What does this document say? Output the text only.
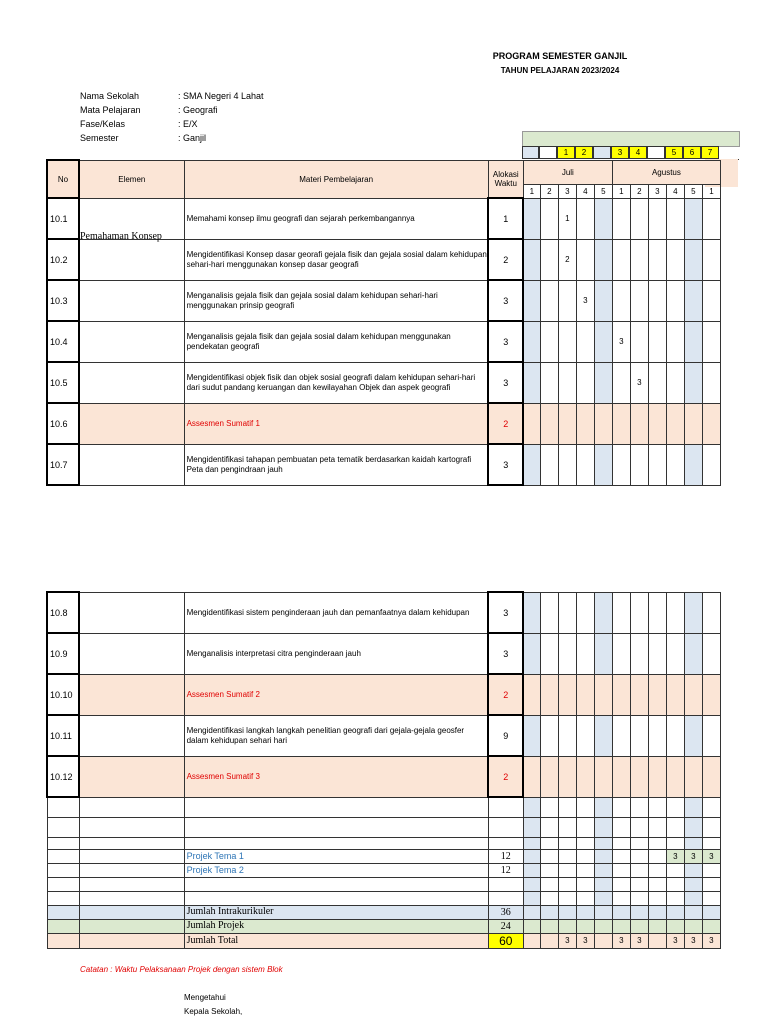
PROGRAM SEMESTER GANJIL
TAHUN PELAJARAN 2023/2024
Nama Sekolah	: SMA Negeri 4 Lahat
Mata Pelajaran	: Geografi
Fase/Kelas	: E/X
Semester	: Ganjil
1	2	3	4	5	6	7
No	Elemen	Materi Pembelajaran	Alokasi Waktu	Juli					Agustus					
				1	2	3	4	5	1	2	3	4	5	1
10.1		Memahami konsep ilmu geografi dan sejarah perkembangannya	1			1								
10.2		Mengidentifikasi Konsep dasar georafi gejala fisik dan gejala sosial dalam kehidupan sehari-hari menggunakan konsep dasar geografi	2			2								
10.3		Menganalisis gejala fisik dan gejala sosial dalam kehidupan sehari-hari menggunakan prinsip geografi	3				3							
10.4		Menganalisis gejala fisik dan gejala sosial dalam kehidupan menggunakan pendekatan geografi	3						3					
10.5		Mengidentifikasi objek fisik dan objek sosial geografi dalam kehidupan sehari-hari dari sudut pandang keruangan dan kewilayahan Objek dan aspek geografi	3							3				
10.6		Assesmen Sumatif 1	2											
10.7		Mengidentifikasi tahapan pembuatan peta tematik berdasarkan kaidah kartografi Peta dan pengindraan jauh	3											
Pemahaman Konsep
10.8		Mengidentifikasi sistem penginderaan jauh dan pemanfaatnya dalam kehidupan	3											
10.9		Menganalisis interpretasi citra penginderaan jauh	3											
10.10		Assesmen Sumatif 2	2											
10.11		Mengidentifikasi langkah langkah penelitian geografi dari gejala-gejala geosfer dalam kehidupan sehari hari	9											
10.12		Assesmen Sumatif 3	2											

		Projek Tema 1	12									3	3	3
		Projek Tema 2	12											

		Jumlah Intrakurikuler	36											
		Jumlah Projek	24											
		Jumlah Total	60			3	3		3	3		3	3	3
Catatan : Waktu Pelaksanaan Projek dengan sistem Blok
Mengetahui
Kepala Sekolah,
